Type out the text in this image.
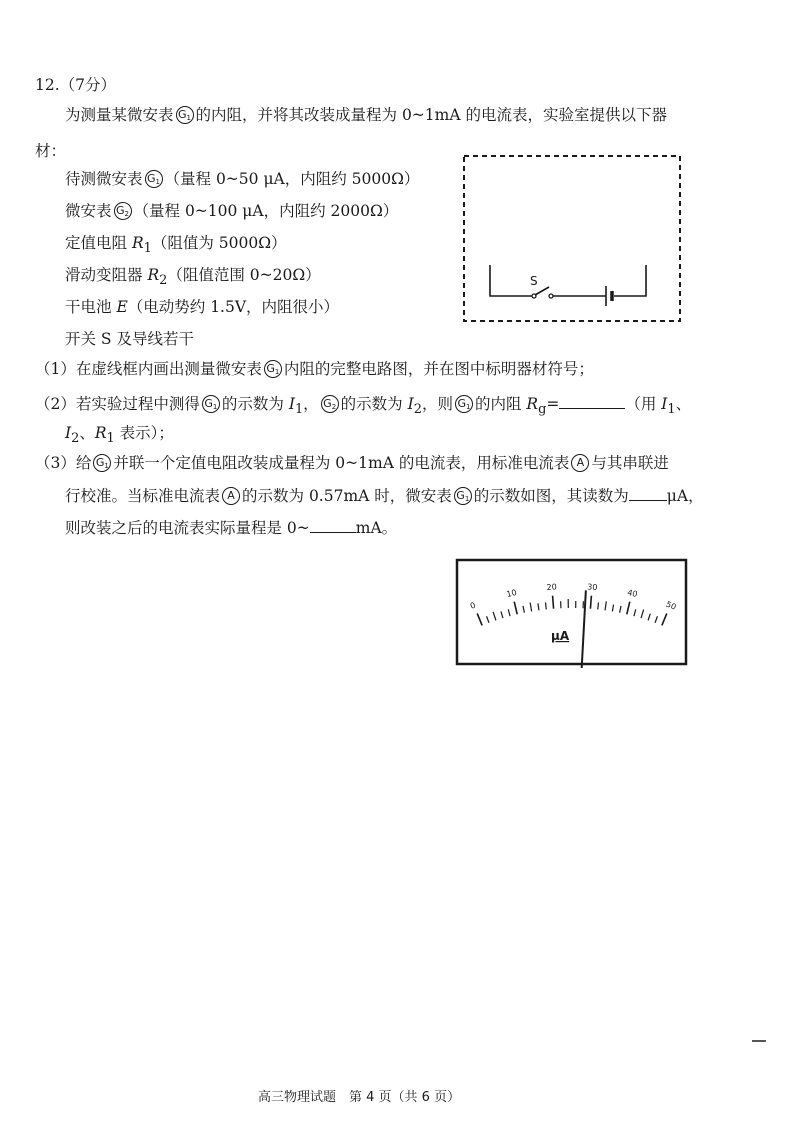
12.（7分）
为测量某微安表 $G_1$ 的内阻，并将其改装成量程为 0~1mA 的电流表，实验室提供以下器
材：
待测微安表 $G_1$ （量程 0~50 μA，内阻约 5000Ω）
微安表 $G_2$ （量程 0~100 μA，内阻约 2000Ω）
定值电阻 $R_1$（阻值为 5000Ω）
滑动变阻器 $R_2$（阻值范围 0~20Ω）
干电池 E（电动势约 1.5V，内阻很小）
开关 S 及导线若干
S
（1）在虚线框内画出测量微安表 $G_1$ 内阻的完整电路图，并在图中标明器材符号；
（2）若实验过程中测得 $G_1$ 的示数为 $I_1$， $G_2$ 的示数为 $I_2$，则 $G_1$ 的内阻 $R_g=$	（用 $I_1$、
$I_2$、$R_1$ 表示）；
（3）给 $G_1$ 并联一个定值电阻改装成量程为 0~1mA 的电流表，用标准电流表 A 与其串联进
行校准。当标准电流表 A 的示数为 0.57mA 时，微安表 $G_1$ 的示数如图，其读数为 μA，
则改装之后的电流表实际量程是 0~	mA。
0
10
20	30
40
50
μA
高三物理试题　第 4 页（共 6 页）
